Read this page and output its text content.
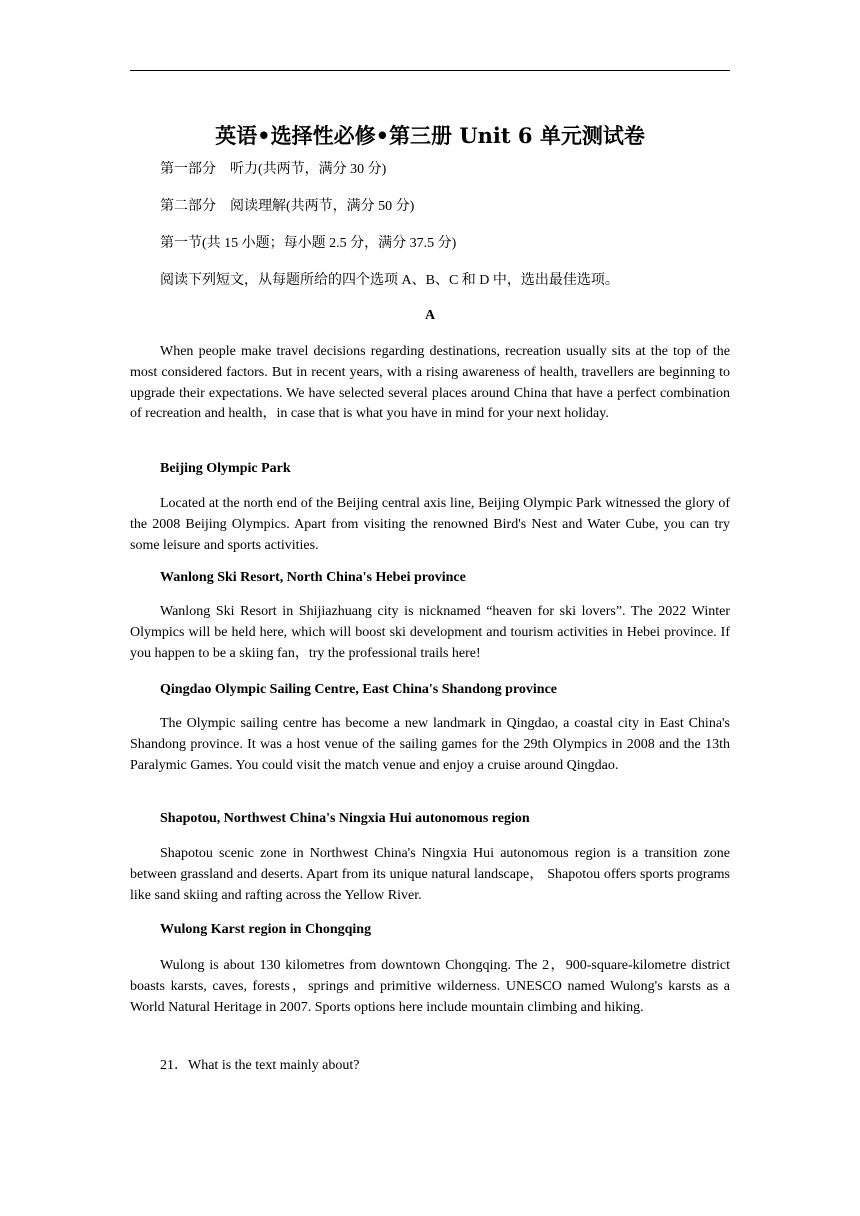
英语•选择性必修•第三册 Unit 6 单元测试卷
第一部分　听力(共两节，满分 30 分)
第二部分　阅读理解(共两节，满分 50 分)
第一节(共 15 小题；每小题 2.5 分，满分 37.5 分)
阅读下列短文，从每题所给的四个选项 A、B、C 和 D 中，选出最佳选项。
A
When people make travel decisions regarding destinations, recreation usually sits at the top of the most considered factors. But in recent years, with a rising awareness of health, travellers are beginning to upgrade their expectations. We have selected several places around China that have a perfect combination of recreation and health，in case that is what you have in mind for your next holiday.
Beijing Olympic Park
Located at the north end of the Beijing central axis line, Beijing Olympic Park witnessed the glory of the 2008 Beijing Olympics. Apart from visiting the renowned Bird's Nest and Water Cube, you can try some leisure and sports activities.
Wanlong Ski Resort, North China's Hebei province
Wanlong Ski Resort in Shijiazhuang city is nicknamed “heaven for ski lovers”. The 2022 Winter Olympics will be held here, which will boost ski development and tourism activities in Hebei province. If you happen to be a skiing fan，try the professional trails here!
Qingdao Olympic Sailing Centre, East China's Shandong province
The Olympic sailing centre has become a new landmark in Qingdao, a coastal city in East China's Shandong province. It was a host venue of the sailing games for the 29th Olympics in 2008 and the 13th Paralymic Games. You could visit the match venue and enjoy a cruise around Qingdao.
Shapotou, Northwest China's Ningxia Hui autonomous region
Shapotou scenic zone in Northwest China's Ningxia Hui autonomous region is a transition zone between grassland and deserts. Apart from its unique natural landscape， Shapotou offers sports programs like sand skiing and rafting across the Yellow River.
Wulong Karst region in Chongqing
Wulong is about 130 kilometres from downtown Chongqing. The 2，900-square-kilometre district boasts karsts, caves, forests，springs and primitive wilderness. UNESCO named Wulong's karsts as a World Natural Heritage in 2007. Sports options here include mountain climbing and hiking.
21．What is the text mainly about?
